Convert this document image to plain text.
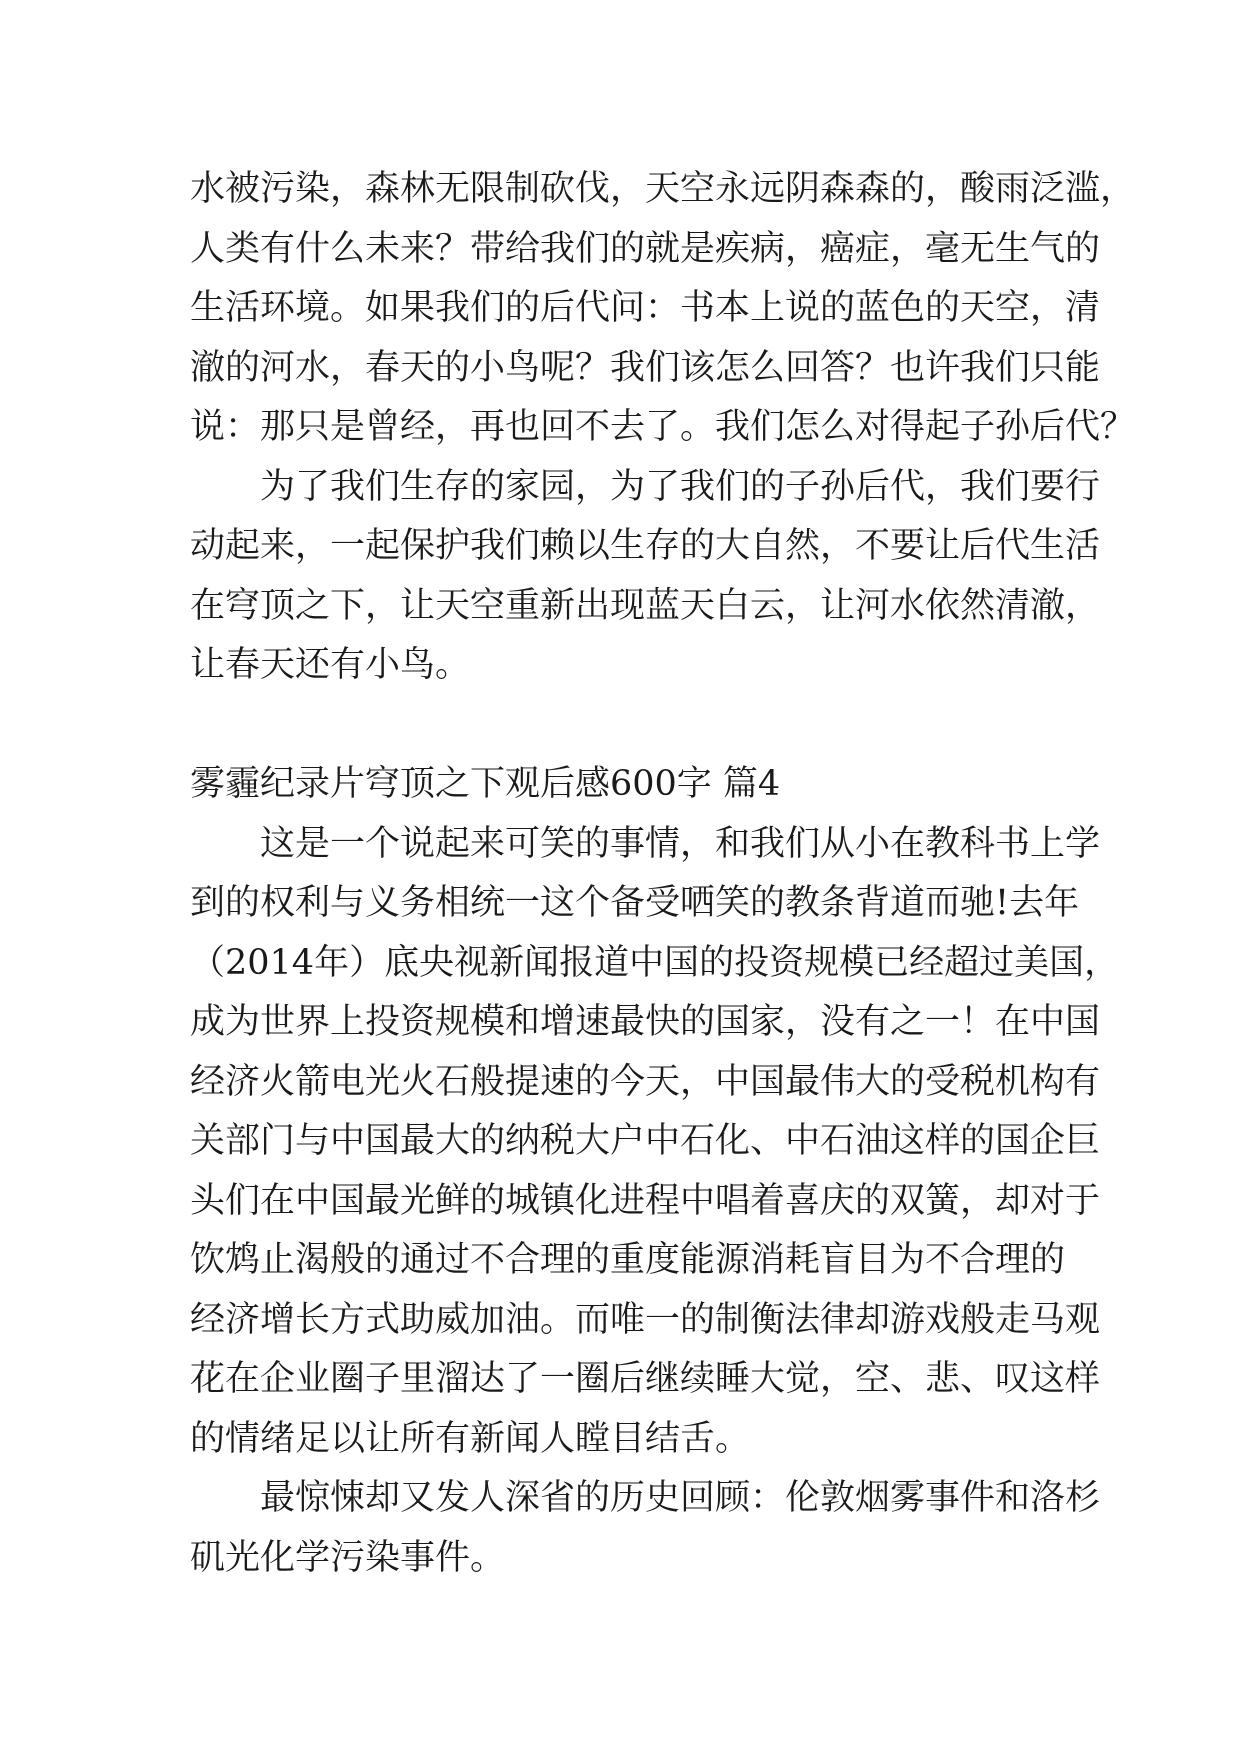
水被污染，森林无限制砍伐，天空永远阴森森的，酸雨泛滥，
人类有什么未来？带给我们的就是疾病，癌症，毫无生气的
生活环境。如果我们的后代问：书本上说的蓝色的天空，清
澈的河水，春天的小鸟呢？我们该怎么回答？也许我们只能
说：那只是曾经，再也回不去了。我们怎么对得起子孙后代？
为了我们生存的家园，为了我们的子孙后代，我们要行
动起来，一起保护我们赖以生存的大自然，不要让后代生活
在穹顶之下，让天空重新出现蓝天白云，让河水依然清澈，
让春天还有小鸟。
雾霾纪录片穹顶之下观后感600字 篇4
这是一个说起来可笑的事情，和我们从小在教科书上学
到的权利与义务相统一这个备受哂笑的教条背道而驰!去年
（2014年）底央视新闻报道中国的投资规模已经超过美国，
成为世界上投资规模和增速最快的国家，没有之一！在中国
经济火箭电光火石般提速的今天，中国最伟大的受税机构有
关部门与中国最大的纳税大户中石化、中石油这样的国企巨
头们在中国最光鲜的城镇化进程中唱着喜庆的双簧，却对于
饮鸩止渴般的通过不合理的重度能源消耗盲目为不合理的
经济增长方式助威加油。而唯一的制衡法律却游戏般走马观
花在企业圈子里溜达了一圈后继续睡大觉，空、悲、叹这样
的情绪足以让所有新闻人瞠目结舌。
最惊悚却又发人深省的历史回顾：伦敦烟雾事件和洛杉
矶光化学污染事件。
